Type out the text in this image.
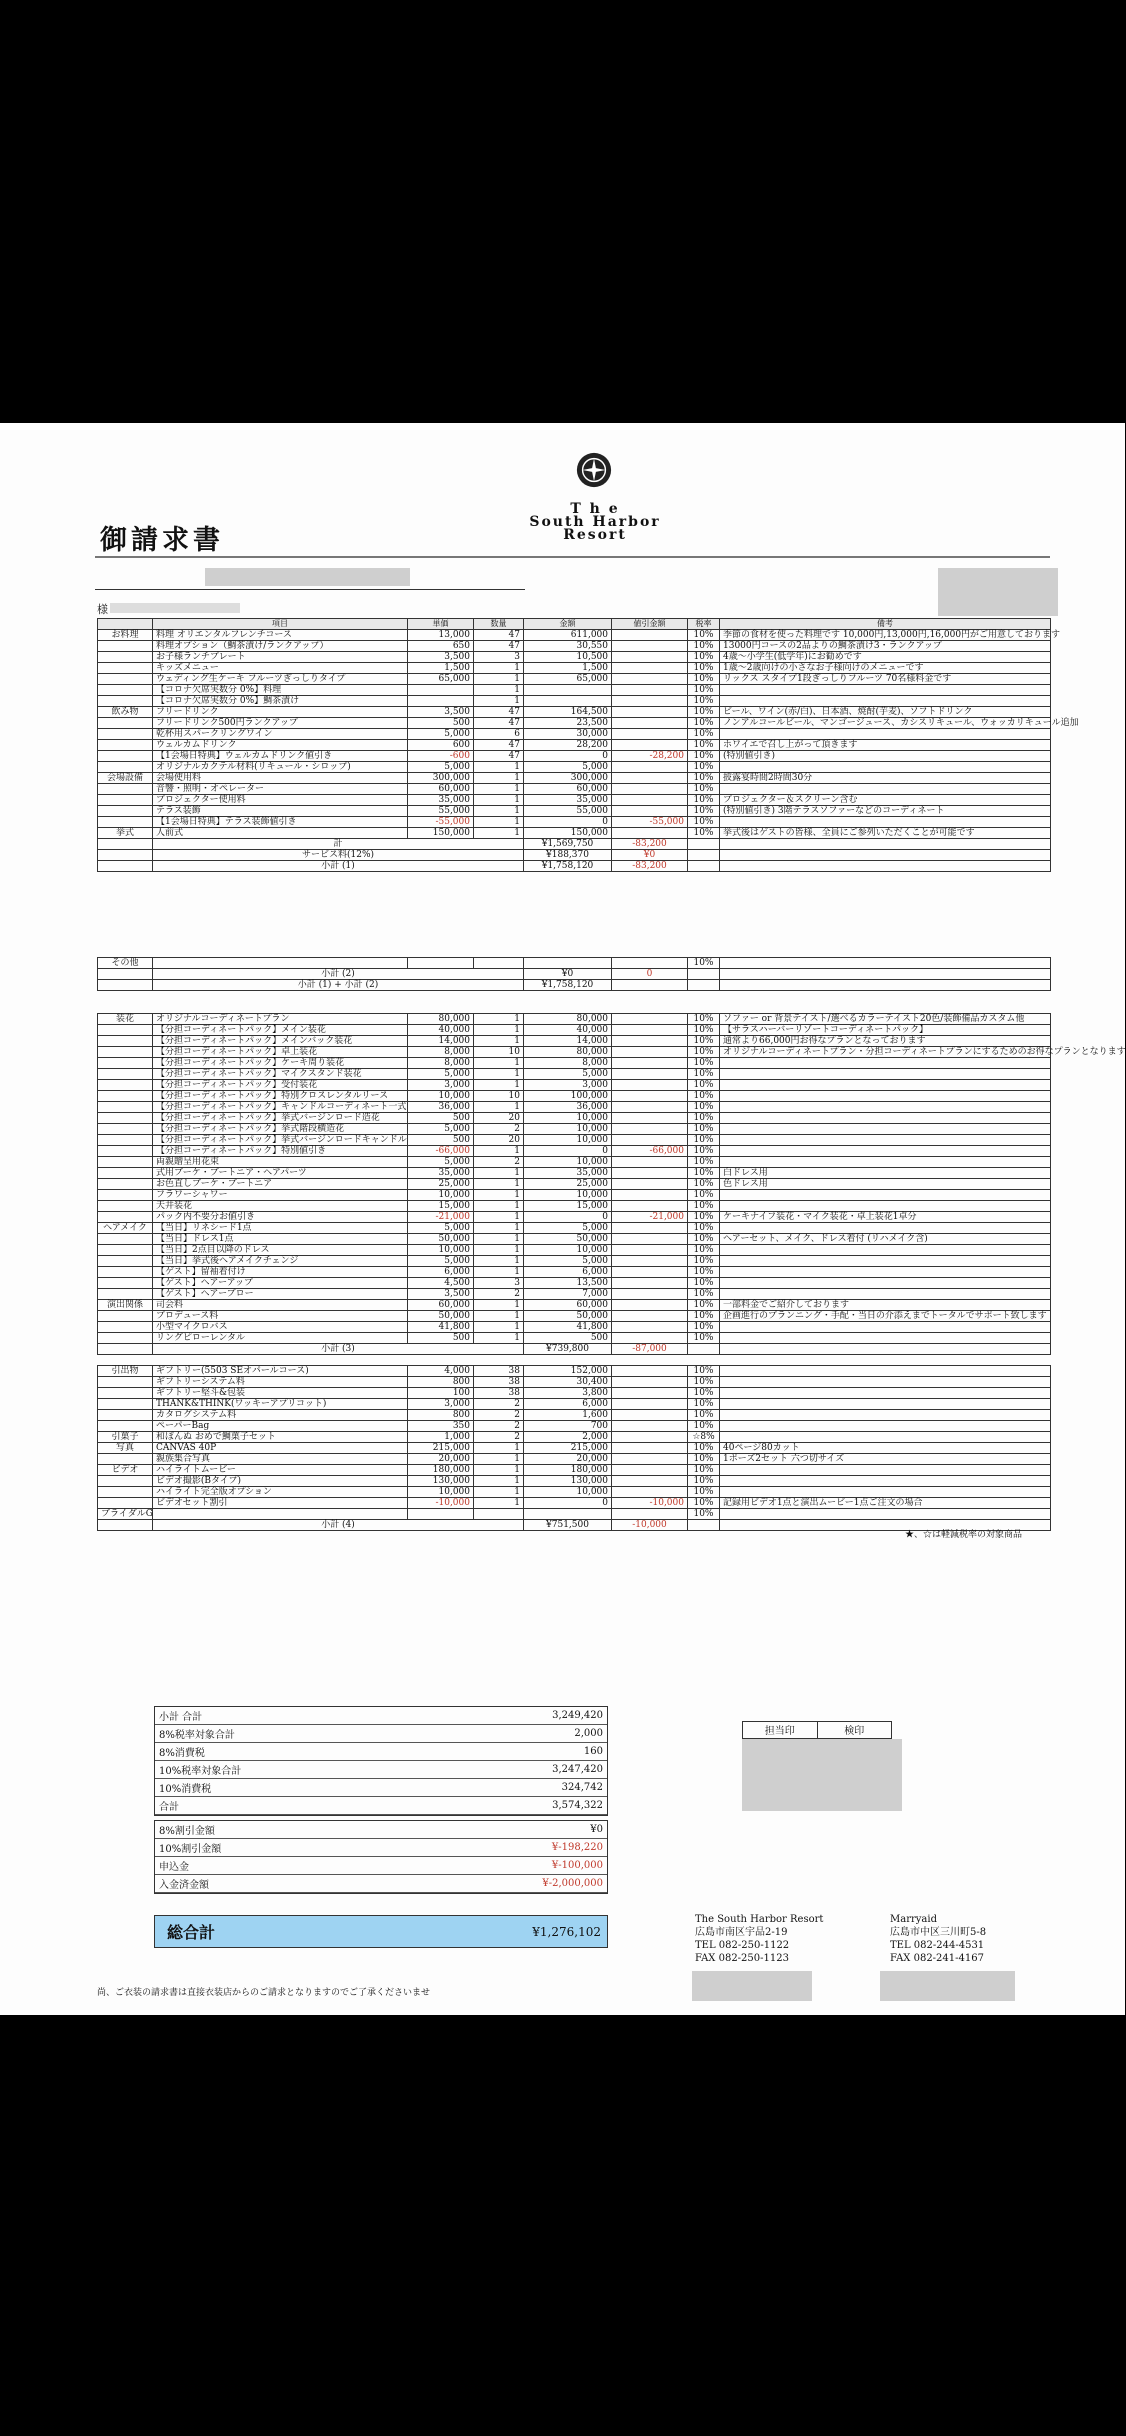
T h e
South Harbor
Resort
御請求書
様
	項目	単価	数量	金額	値引金額	税率	備考
お料理	料理 オリエンタルフレンチコース	13,000	47	611,000		10%	季節の食材を使った料理です 10,000円,13,000円,16,000円がご用意しております
	料理オプション（鯛茶漬け/ランクアップ）	650	47	30,550		10%	13000円コースの2品よりの鯛茶漬け3・ランクアップ
	お子様ランチプレート	3,500	3	10,500		10%	4歳～小学生(低学年)にお勧めです
	キッズメニュー	1,500	1	1,500		10%	1歳～2歳向けの小さなお子様向けのメニューです
	ウェディング生ケーキ フルーツぎっしりタイプ	65,000	1	65,000		10%	リックス スタイプ1段ぎっしりフルーツ 70名様料金です
	【コロナ欠席実数分 0%】料理		1			10%	
	【コロナ欠席実数分 0%】鯛茶漬け		1			10%	
飲み物	フリードリンク	3,500	47	164,500		10%	ビール、ワイン(赤/白)、日本酒、焼酎(芋麦)、ソフトドリンク
	フリードリンク500円ランクアップ	500	47	23,500		10%	ノンアルコールビール、マンゴージュース、カシスリキュール、ウォッカリキュール追加
	乾杯用スパークリングワイン	5,000	6	30,000		10%	
	ウェルカムドリンク	600	47	28,200		10%	ホワイエで召し上がって頂きます
	【1会場日特典】ウェルカムドリンク値引き	-600	47	0	-28,200	10%	(特別値引き)
	オリジナルカクテル材料(リキュール・シロップ)	5,000	1	5,000		10%	
会場設備	会場使用料	300,000	1	300,000		10%	披露宴時間2時間30分
	音響・照明・オペレーター	60,000	1	60,000		10%	
	プロジェクター使用料	35,000	1	35,000		10%	プロジェクター＆スクリーン含む
	テラス装飾	55,000	1	55,000		10%	(特別値引き) 3階テラスソファーなどのコーディネート
	【1会場日特典】テラス装飾値引き	-55,000	1	0	-55,000	10%	
挙式	人前式	150,000	1	150,000		10%	挙式後はゲストの皆様、全員にご参列いただくことが可能です
	計			¥1,569,750	-83,200		
	サービス料(12%)			¥188,370	¥0		
	小計 (1)			¥1,758,120	-83,200		
その他						10%	
	小計 (2)			¥0	0		
	小計 (1) + 小計 (2)			¥1,758,120			
装花	オリジナルコーディネートプラン	80,000	1	80,000		10%	ソファー or 背景テイスト/選べるカラーテイスト20色/装飾備品カスタム他
	【分担コーディネートパック】メイン装花	40,000	1	40,000		10%	【サラスハーバーリゾートコーディネートパック】
	【分担コーディネートパック】メインバック装花	14,000	1	14,000		10%	通常より66,000円お得なプランとなっております
	【分担コーディネートパック】卓上装花	8,000	10	80,000		10%	オリジナルコーディネートプラン・分担コーディネートプランにするためのお得なプランとなります
	【分担コーディネートパック】ケーキ周り装花	8,000	1	8,000		10%	
	【分担コーディネートパック】マイクスタンド装花	5,000	1	5,000		10%	
	【分担コーディネートパック】受付装花	3,000	1	3,000		10%	
	【分担コーディネートパック】特別クロスレンタルリース	10,000	10	100,000		10%	
	【分担コーディネートパック】キャンドルコーディネート一式	36,000	1	36,000		10%	
	【分担コーディネートパック】挙式バージンロード造花	500	20	10,000		10%	
	【分担コーディネートパック】挙式階段横造花	5,000	2	10,000		10%	
	【分担コーディネートパック】挙式バージンロードキャンドル	500	20	10,000		10%	
	【分担コーディネートパック】特別値引き	-66,000	1	0	-66,000	10%	
	両親贈呈用花束	5,000	2	10,000		10%	
	式用ブーケ・ブートニア・ヘアパーツ	35,000	1	35,000		10%	白ドレス用
	お色直しブーケ・ブートニア	25,000	1	25,000		10%	色ドレス用
	フラワーシャワー	10,000	1	10,000		10%	
	天井装花	15,000	1	15,000		10%	
	パック内不要分お値引き	-21,000	1	0	-21,000	10%	ケーキナイフ装花・マイク装花・卓上装花1卓分
ヘアメイク	【当日】リネシード1点	5,000	1	5,000		10%	
	【当日】ドレス1点	50,000	1	50,000		10%	ヘアーセット、メイク、ドレス着付 (リハメイク含)
	【当日】2点目以降のドレス	10,000	1	10,000		10%	
	【当日】挙式後ヘアメイクチェンジ	5,000	1	5,000		10%	
	【ゲスト】留袖着付け	6,000	1	6,000		10%	
	【ゲスト】ヘアーアップ	4,500	3	13,500		10%	
	【ゲスト】ヘアーブロー	3,500	2	7,000		10%	
演出関係	司会料	60,000	1	60,000		10%	一部料金でご紹介しております
	プロデュース料	50,000	1	50,000		10%	企画進行のプランニング・手配・当日の介添えまでトータルでサポート致します
	小型マイクロバス	41,800	1	41,800		10%	
	リングピローレンタル	500	1	500		10%	
	小計 (3)			¥739,800	-87,000		
引出物	ギフトリー(5503 SEオパールコース)	4,000	38	152,000		10%	
	ギフトリーシステム料	800	38	30,400		10%	
	ギフトリー堅斗&包装	100	38	3,800		10%	
	THANK&THINK(ワッキーアプリコット)	3,000	2	6,000		10%	
	カタログシステム料	800	2	1,600		10%	
	ペーパーBag	350	2	700		10%	
引菓子	和ぽんぬ おめで鯛菓子セット	1,000	2	2,000		☆8%	
写真	CANVAS 40P	215,000	1	215,000		10%	40ページ80カット
	親族集合写真	20,000	1	20,000		10%	1ポーズ2セット 六つ切サイズ
ビデオ	ハイライトムービー	180,000	1	180,000		10%	
	ビデオ撮影(Bタイプ)	130,000	1	130,000		10%	
	ハイライト完全版オプション	10,000	1	10,000		10%	
	ビデオセット割引	-10,000	1	0	-10,000	10%	記録用ビデオ1点と演出ムービー1点ご注文の場合
ブライダルG						10%	
	小計 (4)			¥751,500	-10,000		
★、☆は軽減税率の対象商品
小計 合計	3,249,420
8%税率対象合計	2,000
8%消費税	160
10%税率対象合計	3,247,420
10%消費税	324,742
合計	3,574,322
担当印	検印
8%割引金額	¥0
10%割引金額	¥-198,220
申込金	¥-100,000
入金済金額	¥-2,000,000
総合計	¥1,276,102
The South Harbor Resort
広島市南区宇品2-19
TEL 082-250-1122
FAX 082-250-1123
Marryaid
広島市中区三川町5-8
TEL 082-244-4531
FAX 082-241-4167
尚、ご衣装の請求書は直接衣装店からのご請求となりますのでご了承くださいませ
